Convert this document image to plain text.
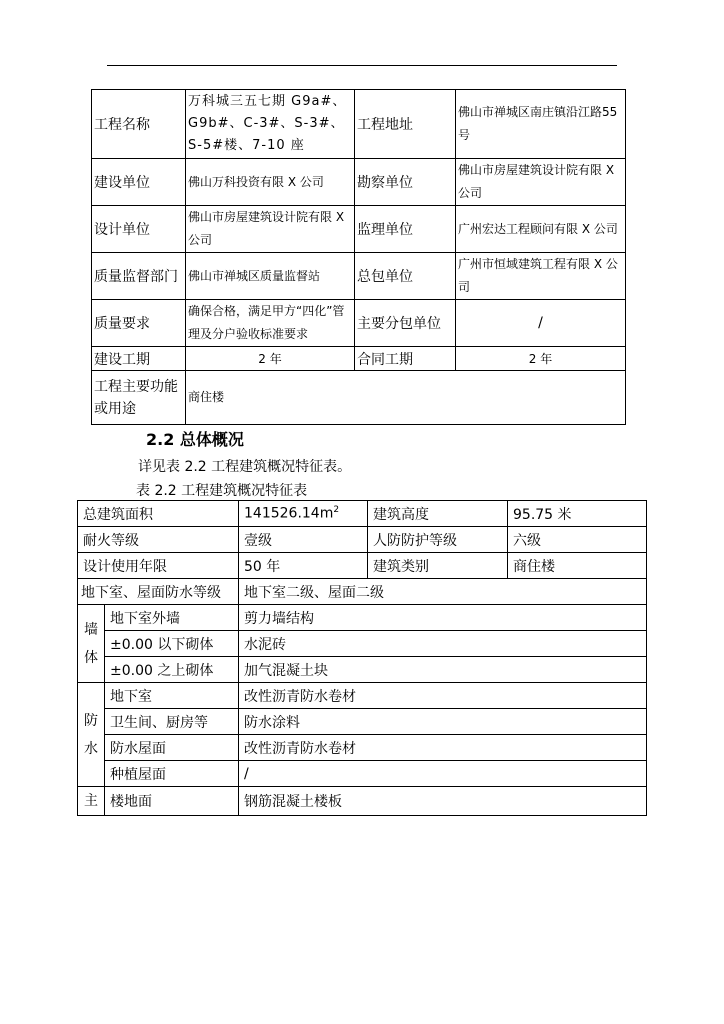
工程名称	万科城三五七期 G9a#、G9b#、C-3#、S-3#、S-5#楼、7-10 座	工程地址	佛山市禅城区南庄镇沿江路55 号
建设单位	佛山万科投资有限 X 公司	勘察单位	佛山市房屋建筑设计院有限 X 公司
设计单位	佛山市房屋建筑设计院有限 X 公司	监理单位	广州宏达工程顾问有限 X 公司
质量监督部门	佛山市禅城区质量监督站	总包单位	广州市恒域建筑工程有限 X 公司
质量要求	确保合格，满足甲方“四化”管理及分户验收标准要求	主要分包单位	/
建设工期	2 年	合同工期	2 年
工程主要功能或用途	商住楼		
2.2 总体概况
详见表 2.2 工程建筑概况特征表。
表 2.2 工程建筑概况特征表
总建筑面积		$141526.14m^2$	建筑高度	95.75 米
耐火等级		壹级	人防防护等级	六级
设计使用年限		50 年	建筑类别	商住楼
地下室、屋面防水等级		地下室二级、屋面二级		
墙体	地下室外墙	剪力墙结构		
	±0.00 以下砌体	水泥砖		
	±0.00 之上砌体	加气混凝土块		
防水	地下室	改性沥青防水卷材		
	卫生间、厨房等	防水涂料		
	防水屋面	改性沥青防水卷材		
	种植屋面	/		
主	楼地面	钢筋混凝土楼板		
